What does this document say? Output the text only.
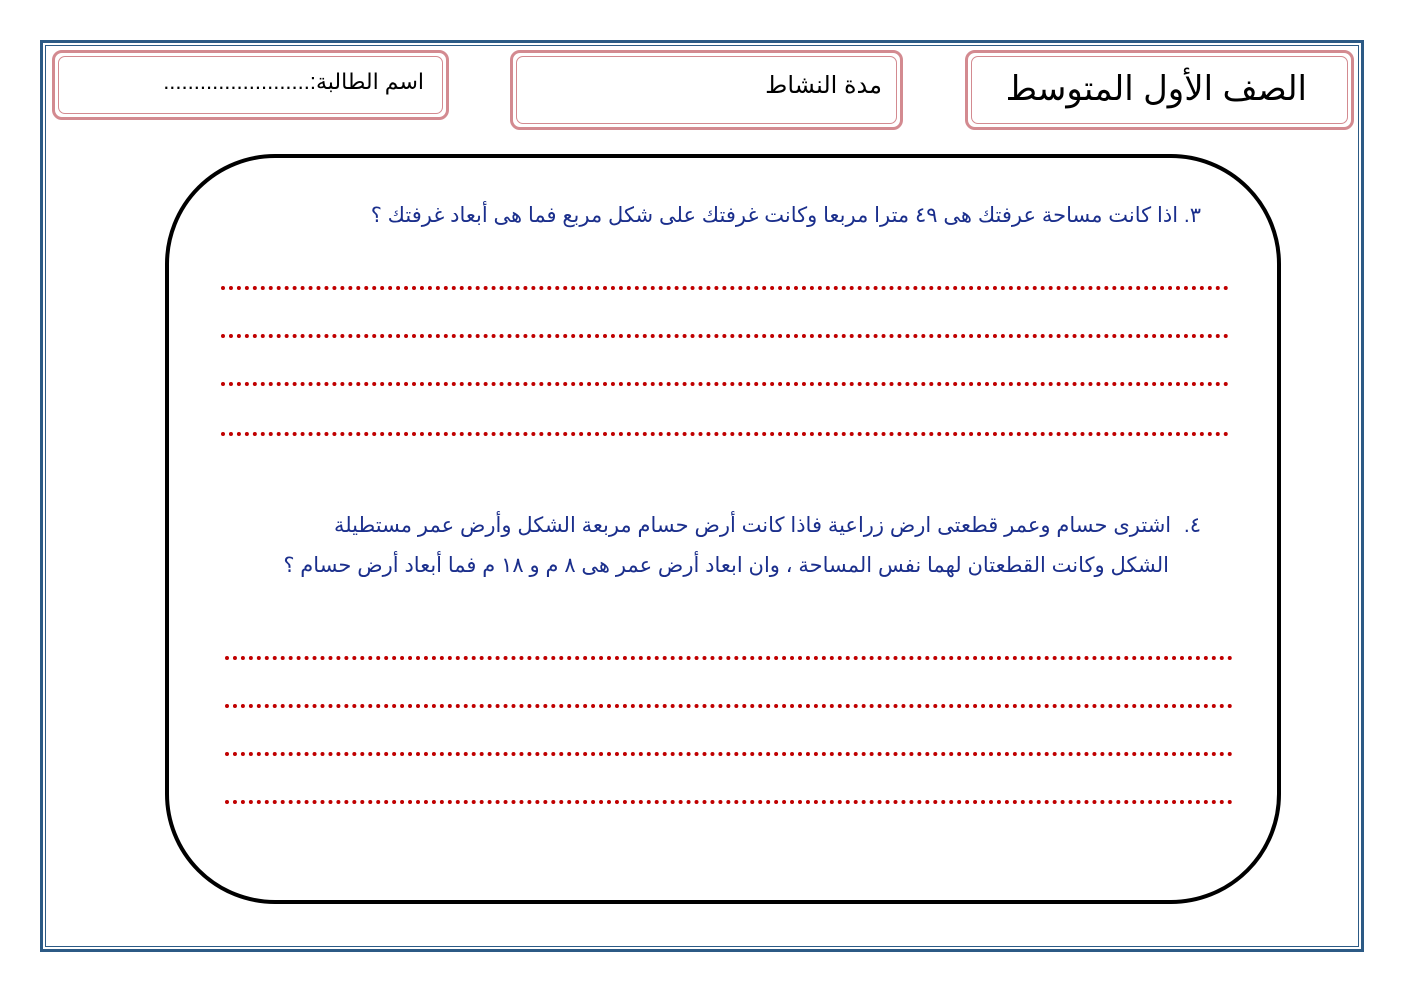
اسم الطالبة:........................	مدة النشاط	الصف الأول المتوسط
٣. اذا كانت مساحة عرفتك هى ٤٩ مترا مربعا وكانت غرفتك على شكل مربع فما هى أبعاد غرفتك ؟
٤. اشترى حسام وعمر قطعتى ارض زراعية فاذا كانت أرض حسام مربعة الشكل وأرض عمر مستطيلة
الشكل وكانت القطعتان لهما نفس المساحة ، وان ابعاد أرض عمر هى ٨ م و ١٨ م فما أبعاد أرض حسام ؟
